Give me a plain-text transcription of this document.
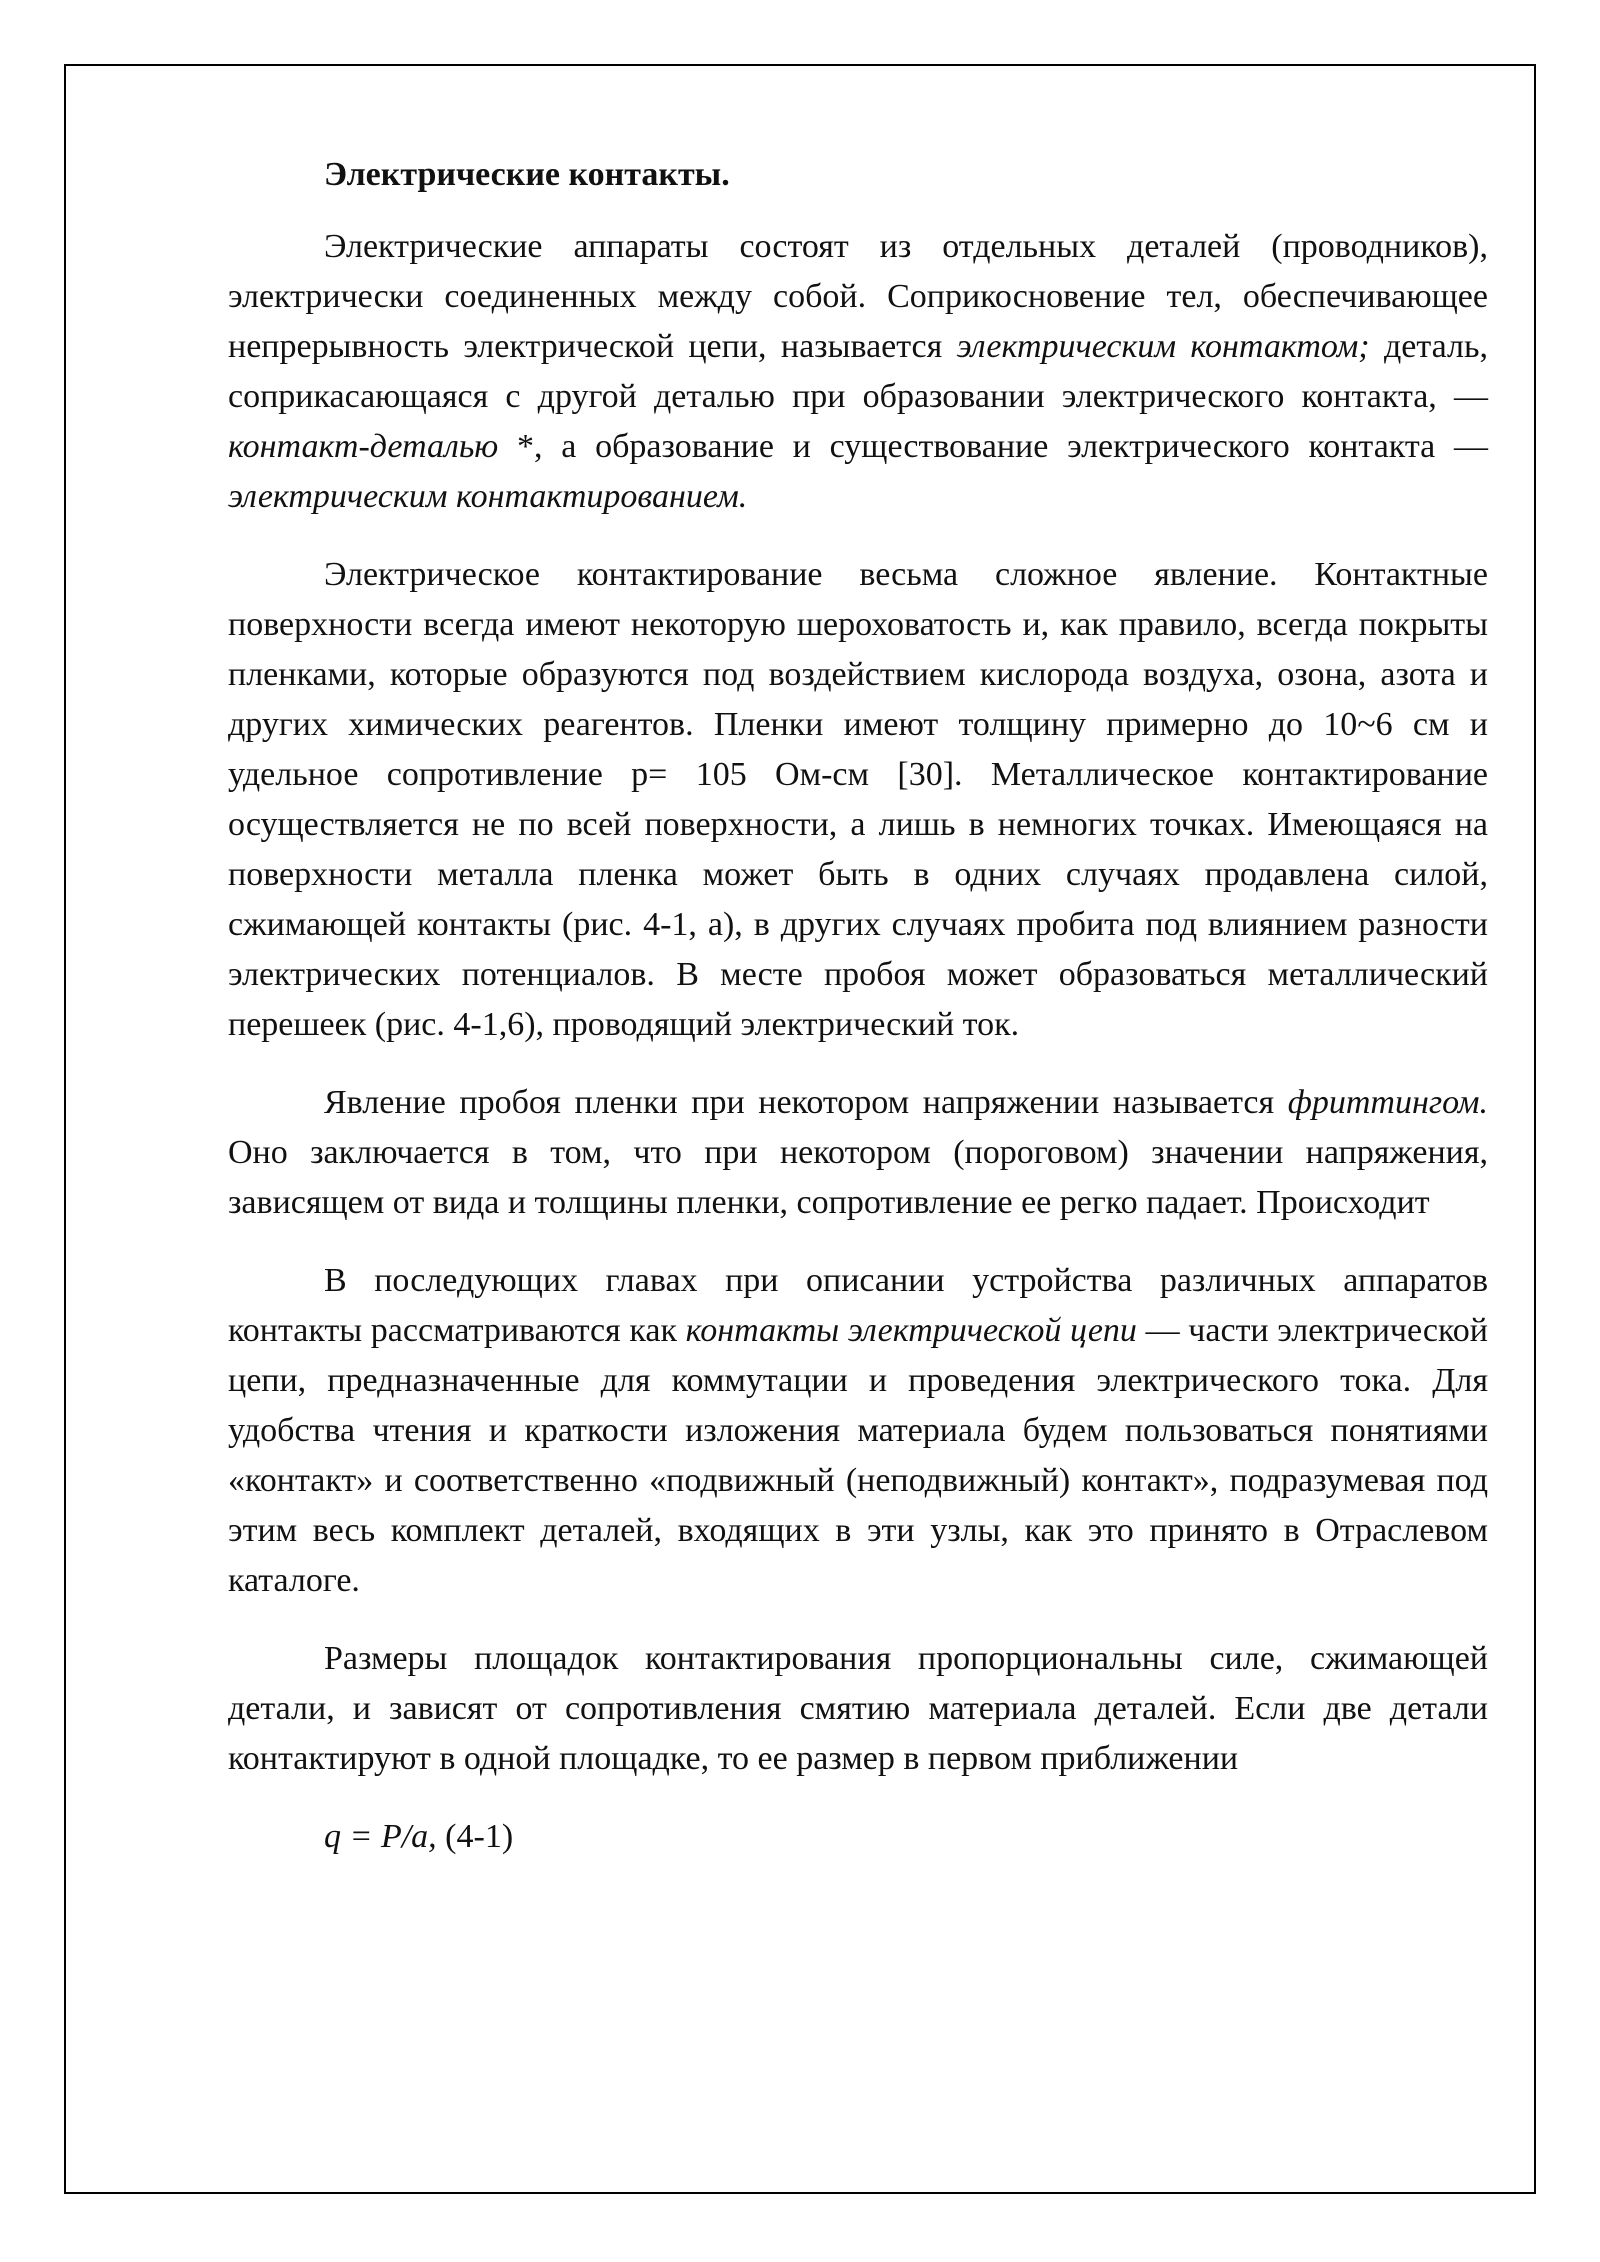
Электрические контакты.

Электрические аппараты состоят из отдельных деталей (проводников), электрически соединенных между собой. Соприкосновение тел, обеспечивающее непрерывность электрической цепи, называется электрическим контактом; деталь, соприкасающаяся с другой деталью при образовании электрического контакта, — контакт-деталью *, а образование и существование электрического контакта — электрическим контактированием.

Электрическое контактирование весьма сложное явление. Контактные поверхности всегда имеют некоторую шероховатость и, как правило, всегда покрыты пленками, которые образуются под воздействием кислорода воздуха, озона, азота и других химических реагентов. Пленки имеют толщину примерно до 10~6 см и удельное сопротивление р= 105 Ом-см [30]. Металлическое контактирование осуществляется не по всей поверхности, а лишь в немногих точках. Имеющаяся на поверхности металла пленка может быть в одних случаях продавлена силой, сжимающей контакты (рис. 4-1, а), в других случаях пробита под влиянием разности электрических потенциалов. В месте пробоя может образоваться металлический перешеек (рис. 4-1,6), проводящий электрический ток.

Явление пробоя пленки при некотором напряжении называется фриттингом. Оно заключается в том, что при некотором (пороговом) значении напряжения, зависящем от вида и толщины пленки, сопротивление ее регко падает. Происходит

В последующих главах при описании устройства различных аппаратов контакты рассматриваются как контакты электрической цепи — части электрической цепи, предназначенные для коммутации и проведения электрического тока. Для удобства чтения и краткости изложения материала будем пользоваться понятиями «контакт» и соответственно «подвижный (неподвижный) контакт», подразумевая под этим весь комплект деталей, входящих в эти узлы, как это принято в Отраслевом каталоге.

Размеры площадок контактирования пропорциональны силе, сжимающей детали, и зависят от сопротивления смятию материала деталей. Если две детали контактируют в одной площадке, то ее размер в первом приближении

q = P/a, (4-1)
